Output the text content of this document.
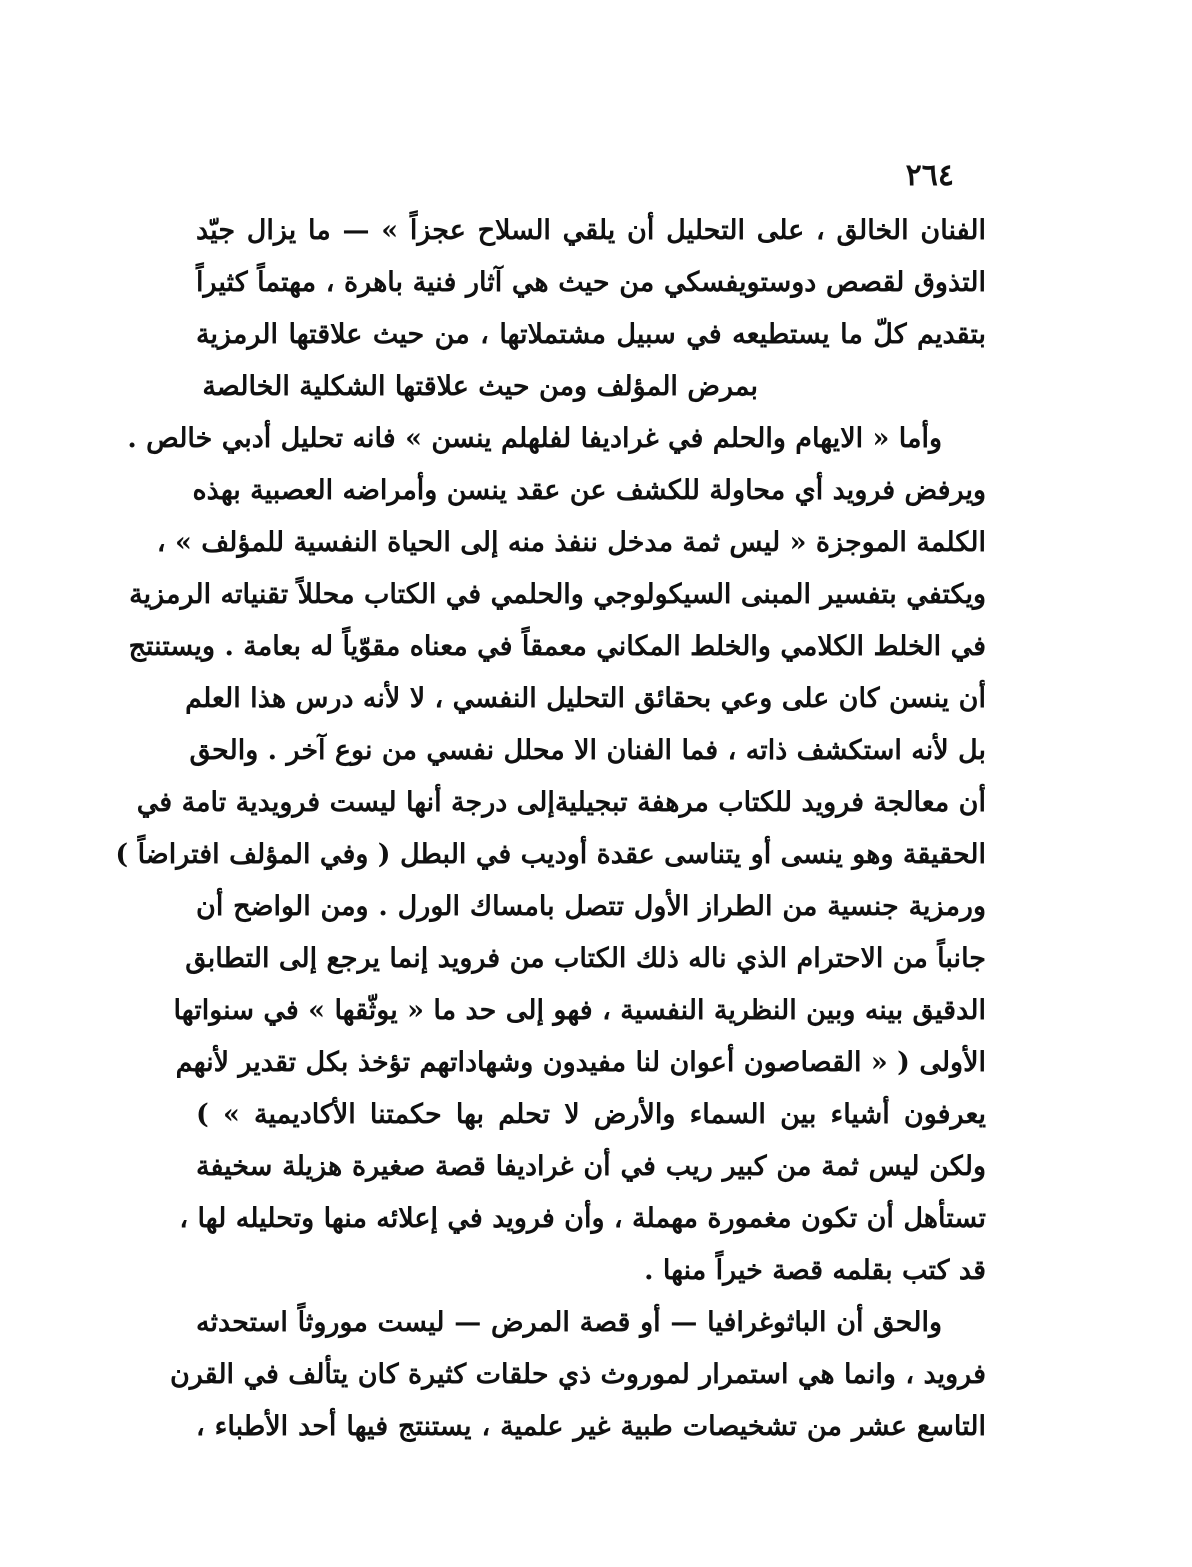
٢٦٤
الفنان الخالق ، على التحليل أن يلقي السلاح عجزاً » — ما يزال جيّد
التذوق لقصص دوستويفسكي من حيث هي آثار فنية باهرة ، مهتماً كثيراً
بتقديم كلّ ما يستطيعه في سبيل مشتملاتها ، من حيث علاقتها الرمزية
بمرض المؤلف ومن حيث علاقتها الشكلية الخالصة
وأما « الايهام والحلم في غراديفا لفلهلم ينسن » فانه تحليل أدبي خالص .
ويرفض فرويد أي محاولة للكشف عن عقد ينسن وأمراضه العصبية بهذه
الكلمة الموجزة « ليس ثمة مدخل ننفذ منه إلى الحياة النفسية للمؤلف » ،
ويكتفي بتفسير المبنى السيكولوجي والحلمي في الكتاب محللاً تقنياته الرمزية
في الخلط الكلامي والخلط المكاني معمقاً في معناه مقوّياً له بعامة . ويستنتج
أن ينسن كان على وعي بحقائق التحليل النفسي ، لا لأنه درس هذا العلم
بل لأنه استكشف ذاته ، فما الفنان الا محلل نفسي من نوع آخر . والحق
أن معالجة فرويد للكتاب مرهفة تبجيليةإلى درجة أنها ليست فرويدية تامة في
الحقيقة وهو ينسى أو يتناسى عقدة أوديب في البطل ( وفي المؤلف افتراضاً )
ورمزية جنسية من الطراز الأول تتصل بامساك الورل . ومن الواضح أن
جانباً من الاحترام الذي ناله ذلك الكتاب من فرويد إنما يرجع إلى التطابق
الدقيق بينه وبين النظرية النفسية ، فهو إلى حد ما « يوثّقها » في سنواتها
الأولى ( « القصاصون أعوان لنا مفيدون وشهاداتهم تؤخذ بكل تقدير لأنهم
يعرفون أشياء بين السماء والأرض لا تحلم بها حكمتنا الأكاديمية » )
ولكن ليس ثمة من كبير ريب في أن غراديفا قصة صغيرة هزيلة سخيفة
تستأهل أن تكون مغمورة مهملة ، وأن فرويد في إعلائه منها وتحليله لها ،
قد كتب بقلمه قصة خيراً منها .
والحق أن الباثوغرافيا — أو قصة المرض — ليست موروثاً استحدثه
فرويد ، وانما هي استمرار لموروث ذي حلقات كثيرة كان يتألف في القرن
التاسع عشر من تشخيصات طبية غير علمية ، يستنتج فيها أحد الأطباء ،
